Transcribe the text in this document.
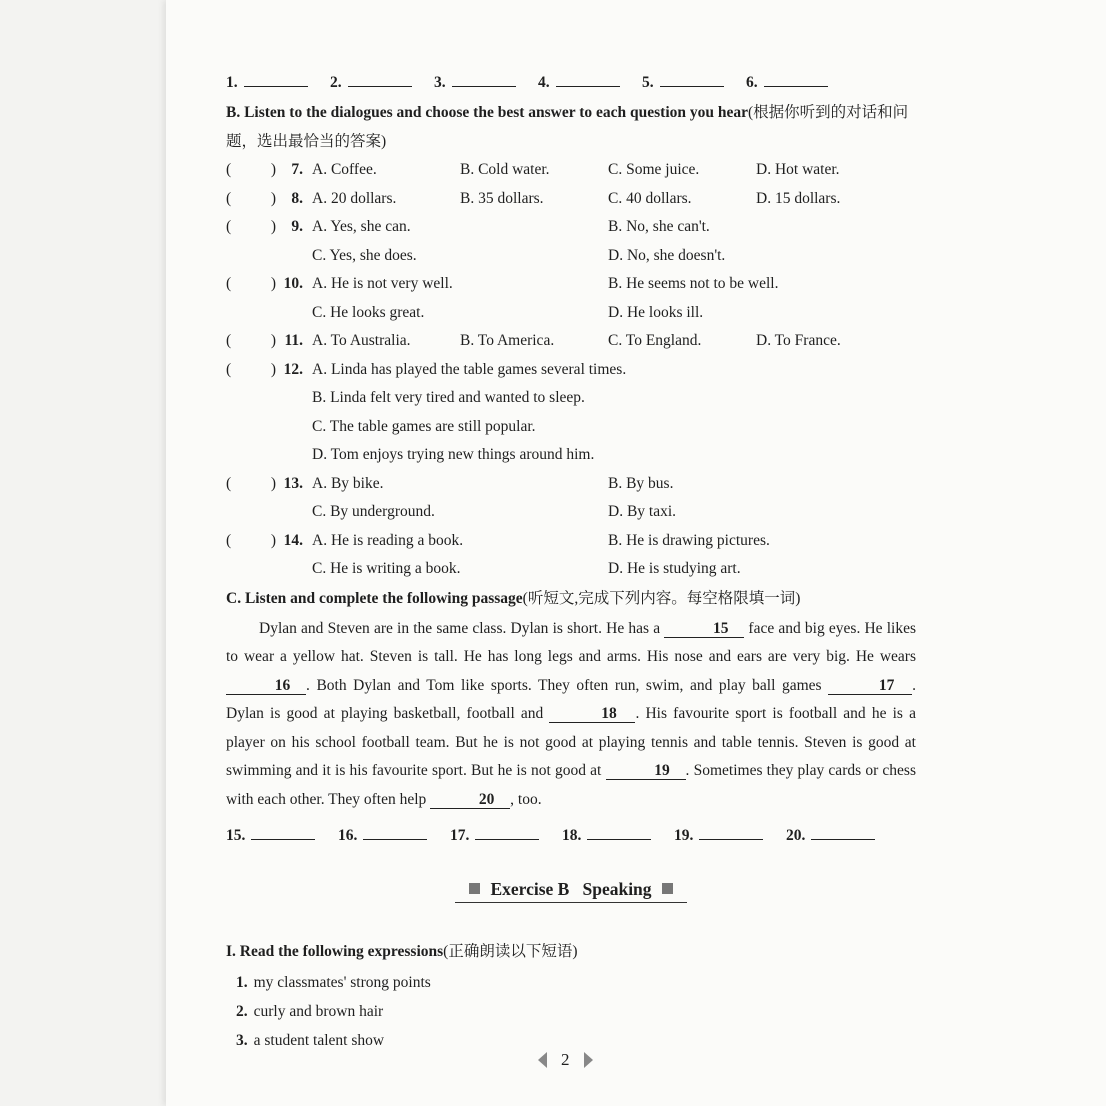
1.	2.	3.	4.	5.	6.
B. Listen to the dialogues and choose the best answer to each question you hear(根据你听到的对话和问题，选出最恰当的答案)
(	) 7. A. Coffee.	B. Cold water.	C. Some juice.	D. Hot water.
(	) 8. A. 20 dollars.	B. 35 dollars.	C. 40 dollars.	D. 15 dollars.
(	) 9. A. Yes, she can.	B. No, she can't.
C. Yes, she does.	D. No, she doesn't.
(	) 10. A. He is not very well.	B. He seems not to be well.
C. He looks great.	D. He looks ill.
(	) 11. A. To Australia.	B. To America.	C. To England.	D. To France.
(	) 12. A. Linda has played the table games several times.
B. Linda felt very tired and wanted to sleep.
C. The table games are still popular.
D. Tom enjoys trying new things around him.
(	) 13. A. By bike.	B. By bus.
C. By underground.	D. By taxi.
(	) 14. A. He is reading a book.	B. He is drawing pictures.
C. He is writing a book.	D. He is studying art.
C. Listen and complete the following passage(听短文,完成下列内容。每空格限填一词)

Dylan and Steven are in the same class. Dylan is short. He has a	15 face and big eyes. He likes to wear a yellow hat. Steven is tall. He has long legs and arms. His nose and ears are very big. He wears 16 . Both Dylan and Tom like sports. They often run, swim, and play ball games	17 . Dylan is good at playing basketball, football and	18 . His favourite sport is football and he is a player on his school football team. But he is not good at playing tennis and table tennis. Steven is good at swimming and it is his favourite sport. But he is not good at	19 . Sometimes they play cards or chess with each other. They often help	20 , too.

15.	16.	17.	18.	19.	20.
Exercise B Speaking
I. Read the following expressions(正确朗读以下短语)
1. my classmates' strong points
2. curly and brown hair
3. a student talent show
2
